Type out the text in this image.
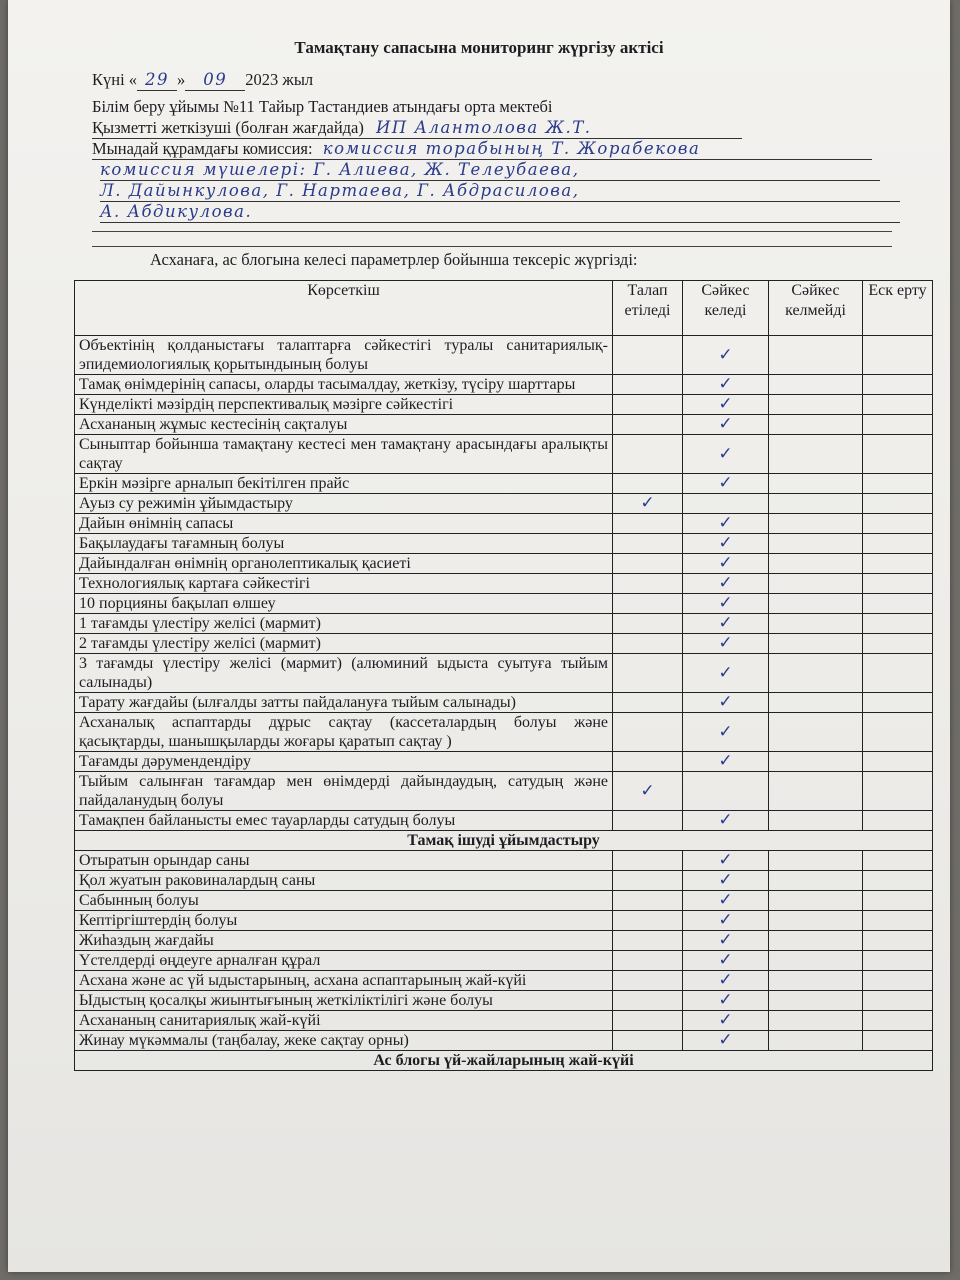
Тамақтану сапасына мониторинг жүргізу актісі
Күні « 29 » 09 2023 жыл
Білім беру ұйымы №11 Тайыр Тастандиев атындағы орта мектебі
Қызметті жеткізуші (болған жағдайда) ИП Алантолова Ж.Т.
Мынадай құрамдағы комиссия: комиссия торабының Т. Жорабековa
комиссия мүшелері: Г. Алиева, Ж. Телеубаева,
Л. Дайынкулова, Г. Нартаева, Г. Абдрасилова,
А. Абдикулова.
Асханаға, ас блогына келесі параметрлер бойынша тексеріс жүргізді:
Көрсеткіш	Талап етіледі	Сәйкес келеді	Сәйкес келмейді	Еск ерту
Объектінің қолданыстағы талаптарға сәйкестігі туралы санитариялық-эпидемиологиялық қорытындының болуы		✓		
Тамақ өнімдерінің сапасы, оларды тасымалдау, жеткізу, түсіру шарттары		✓		
Күнделікті мәзірдің перспективалық мәзірге сәйкестігі		✓		
Асхананың жұмыс кестесінің сақталуы		✓		
Сыныптар бойынша тамақтану кестесі мен тамақтану арасындағы аралықты сақтау		✓		
Еркін мәзірге арналып бекітілген прайс		✓		
Ауыз су режимін ұйымдастыру	✓			
Дайын өнімнің сапасы		✓		
Бақылаудағы тағамның болуы		✓		
Дайындалған өнімнің органолептикалық қасиеті		✓		
Технологиялық картаға сәйкестігі		✓		
10 порцияны бақылап өлшеу		✓		
1 тағамды үлестіру желісі (мармит)		✓		
2 тағамды үлестіру желісі (мармит)		✓		
3 тағамды үлестіру желісі (мармит) (алюминий ыдыста суытуға тыйым салынады)		✓		
Тарату жағдайы (ылғалды затты пайдалануға тыйым салынады)		✓		
Асханалық аспаптарды дұрыс сақтау (кассеталардың болуы және қасықтарды, шанышқыларды жоғары қаратып сақтау )		✓		
Тағамды дәрумендендіру		✓		
Тыйым салынған тағамдар мен өнімдерді дайындаудың, сатудың және пайдаланудың болуы	✓			
Тамақпен байланысты емес тауарларды сатудың болуы		✓		
Тамақ ішуді ұйымдастыру				
Отыратын орындар саны		✓		
Қол жуатын раковиналардың саны		✓		
Сабынның болуы		✓		
Кептіргіштердің болуы		✓		
Жиһаздың жағдайы		✓		
Үстелдерді өңдеуге арналған құрал		✓		
Асхана және ас үй ыдыстарының, асхана аспаптарының жай-күйі		✓		
Ыдыстың қосалқы жиынтығының жеткіліктілігі және болуы		✓		
Асхананың санитариялық жай-күйі		✓		
Жинау мүкәммалы (таңбалау, жеке сақтау орны)		✓		
Ас блогы үй-жайларының жай-күйі				
